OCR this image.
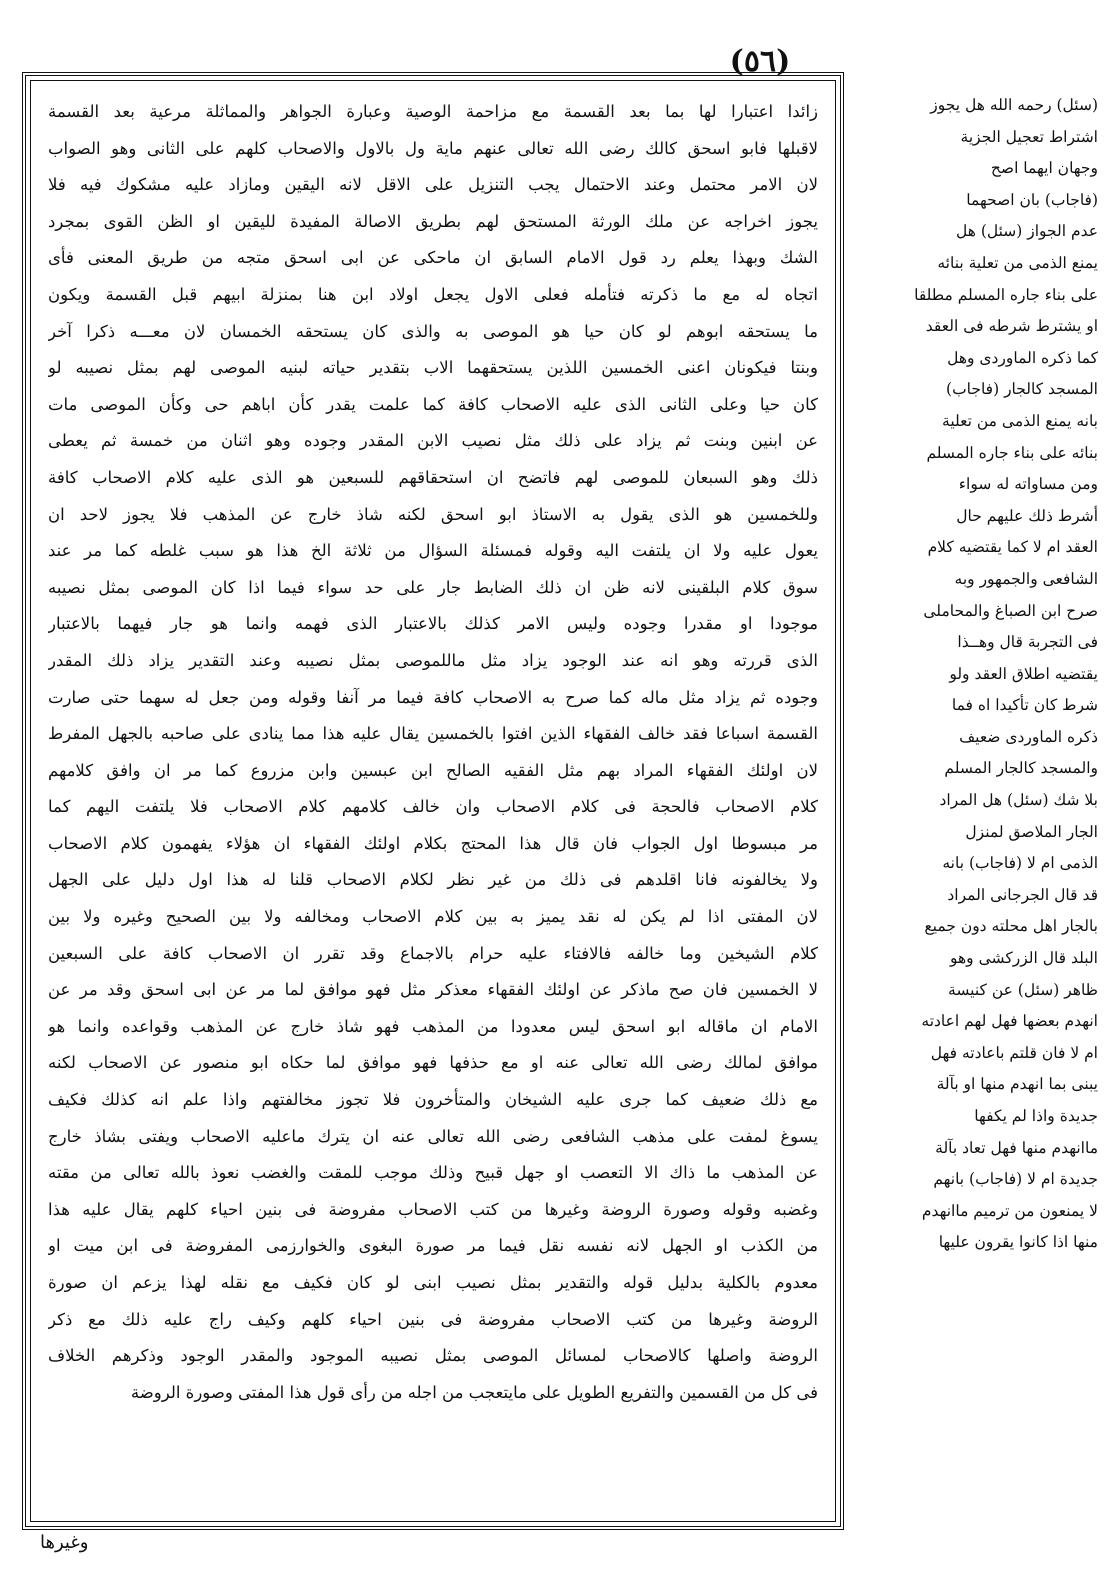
(٥٦)
زائدا اعتبارا لها بما بعد القسمة مع مزاحمة الوصية وعبارة الجواهر والمماثلة مرعية بعد القسمة
لاقبلها فابو اسحق كالك رضى الله تعالى عنهم ماية ول بالاول والاصحاب كلهم على الثانى وهو الصواب
لان الامر محتمل وعند الاحتمال يجب التنزيل على الاقل لانه اليقين ومازاد عليه مشكوك فيه فلا
يجوز اخراجه عن ملك الورثة المستحق لهم بطريق الاصالة المفيدة لليقين او الظن القوى بمجرد
الشك وبهذا يعلم رد قول الامام السابق ان ماحكى عن ابى اسحق متجه من طريق المعنى فأى
اتجاه له مع ما ذكرته فتأمله فعلى الاول يجعل اولاد ابن هنا بمنزلة ابيهم قبل القسمة ويكون
ما يستحقه ابوهم لو كان حيا هو الموصى به والذى كان يستحقه الخمسان لان معـــه ذكرا آخر
وبنتا فيكونان اعنى الخمسين اللذين يستحقهما الاب بتقدير حياته لبنيه الموصى لهم بمثل نصيبه لو
كان حيا وعلى الثانى الذى عليه الاصحاب كافة كما علمت يقدر كأن اباهم حى وكأن الموصى مات
عن ابنين وبنت ثم يزاد على ذلك مثل نصيب الابن المقدر وجوده وهو اثنان من خمسة ثم يعطى
ذلك وهو السبعان للموصى لهم فاتضح ان استحقاقهم للسبعين هو الذى عليه كلام الاصحاب كافة
وللخمسين هو الذى يقول به الاستاذ ابو اسحق لكنه شاذ خارج عن المذهب فلا يجوز لاحد ان
يعول عليه ولا ان يلتفت اليه وقوله فمسئلة السؤال من ثلاثة الخ هذا هو سبب غلطه كما مر عند
سوق كلام البلقينى لانه ظن ان ذلك الضابط جار على حد سواء فيما اذا كان الموصى بمثل نصيبه
موجودا او مقدرا وجوده وليس الامر كذلك بالاعتبار الذى فهمه وانما هو جار فيهما بالاعتبار
الذى قررته وهو انه عند الوجود يزاد مثل ماللموصى بمثل نصيبه وعند التقدير يزاد ذلك المقدر
وجوده ثم يزاد مثل ماله كما صرح به الاصحاب كافة فيما مر آنفا وقوله ومن جعل له سهما حتى صارت
القسمة اسباعا فقد خالف الفقهاء الذين افتوا بالخمسين يقال عليه هذا مما ينادى على صاحبه بالجهل المفرط
لان اولئك الفقهاء المراد بهم مثل الفقيه الصالح ابن عبسين وابن مزروع كما مر ان وافق كلامهم
كلام الاصحاب فالحجة فى كلام الاصحاب وان خالف كلامهم كلام الاصحاب فلا يلتفت اليهم كما
مر مبسوطا اول الجواب فان قال هذا المحتج بكلام اولئك الفقهاء ان هؤلاء يفهمون كلام الاصحاب
ولا يخالفونه فانا اقلدهم فى ذلك من غير نظر لكلام الاصحاب قلنا له هذا اول دليل على الجهل
لان المفتى اذا لم يكن له نقد يميز به بين كلام الاصحاب ومخالفه ولا بين الصحيح وغيره ولا بين
كلام الشيخين وما خالفه فالافتاء عليه حرام بالاجماع وقد تقرر ان الاصحاب كافة على السبعين
لا الخمسين فان صح ماذكر عن اولئك الفقهاء معذكر مثل فهو موافق لما مر عن ابى اسحق وقد مر عن
الامام ان ماقاله ابو اسحق ليس معدودا من المذهب فهو شاذ خارج عن المذهب وقواعده وانما هو
موافق لمالك رضى الله تعالى عنه او مع حذفها فهو موافق لما حكاه ابو منصور عن الاصحاب لكنه
مع ذلك ضعيف كما جرى عليه الشيخان والمتأخرون فلا تجوز مخالفتهم واذا علم انه كذلك فكيف
يسوغ لمفت على مذهب الشافعى رضى الله تعالى عنه ان يترك ماعليه الاصحاب ويفتى بشاذ خارج
عن المذهب ما ذاك الا التعصب او جهل قبيح وذلك موجب للمقت والغضب نعوذ بالله تعالى من مقته
وغضبه وقوله وصورة الروضة وغيرها من كتب الاصحاب مفروضة فى بنين احياء كلهم يقال عليه هذا
من الكذب او الجهل لانه نفسه نقل فيما مر صورة البغوى والخوارزمى المفروضة فى ابن ميت او
معدوم بالكلية بدليل قوله والتقدير بمثل نصيب ابنى لو كان فكيف مع نقله لهذا يزعم ان صورة
الروضة وغيرها من كتب الاصحاب مفروضة فى بنين احياء كلهم وكيف راج عليه ذلك مع ذكر
الروضة واصلها كالاصحاب لمسائل الموصى بمثل نصيبه الموجود والمقدر الوجود وذكرهم الخلاف
فى كل من القسمين والتفريع الطويل على مايتعجب من اجله من رأى قول هذا المفتى وصورة الروضة
(سئل) رحمه الله هل يجوز
اشتراط تعجيل الجزية
وجهان ايهما اصح
(فاجاب) بان اصحهما
عدم الجواز (سئل) هل
يمنع الذمى من تعلية بنائه
على بناء جاره المسلم مطلقا
او يشترط شرطه فى العقد
كما ذكره الماوردى وهل
المسجد كالجار (فاجاب)
بانه يمنع الذمى من تعلية
بنائه على بناء جاره المسلم
ومن مساواته له سواء
أشرط ذلك عليهم حال
العقد ام لا كما يقتضيه كلام
الشافعى والجمهور وبه
صرح ابن الصباغ والمحاملى
فى التجربة قال وهــذا
يقتضيه اطلاق العقد ولو
شرط كان تأكيدا اه فما
ذكره الماوردى ضعيف
والمسجد كالجار المسلم
بلا شك (سئل) هل المراد
الجار الملاصق لمنزل
الذمى ام لا (فاجاب) بانه
قد قال الجرجانى المراد
بالجار اهل محلته دون جميع
البلد قال الزركشى وهو
ظاهر (سئل) عن كنيسة
انهدم بعضها فهل لهم اعادته
ام لا فان قلتم باعادته فهل
يبنى بما انهدم منها او بآلة
جديدة واذا لم يكفها
ماانهدم منها فهل تعاد بآلة
جديدة ام لا (فاجاب) بانهم
لا يمنعون من ترميم ماانهدم
منها اذا كانوا يقرون عليها
وغيرها
